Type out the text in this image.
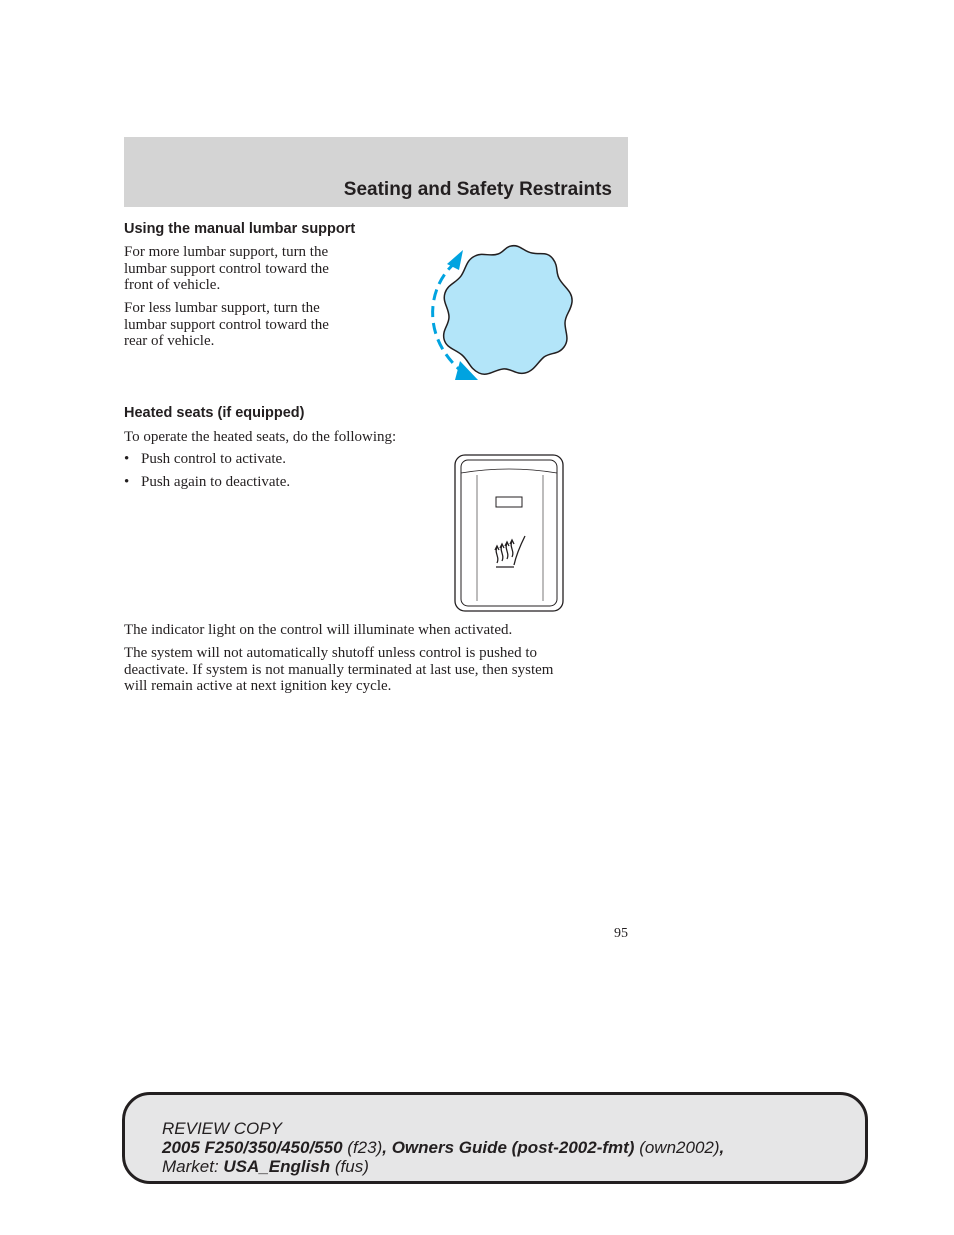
Seating and Safety Restraints
Using the manual lumbar support
For more lumbar support, turn the
lumbar support control toward the
front of vehicle.
For less lumbar support, turn the
lumbar support control toward the
rear of vehicle.
Heated seats (if equipped)
To operate the heated seats, do the following:
• Push control to activate.
• Push again to deactivate.
The indicator light on the control will illuminate when activated.
The system will not automatically shutoff unless control is pushed to
deactivate. If system is not manually terminated at last use, then system
will remain active at next ignition key cycle.
95
REVIEW COPY
2005 F250/350/450/550 (f23), Owners Guide (post-2002-fmt) (own2002),
Market: USA_English (fus)
